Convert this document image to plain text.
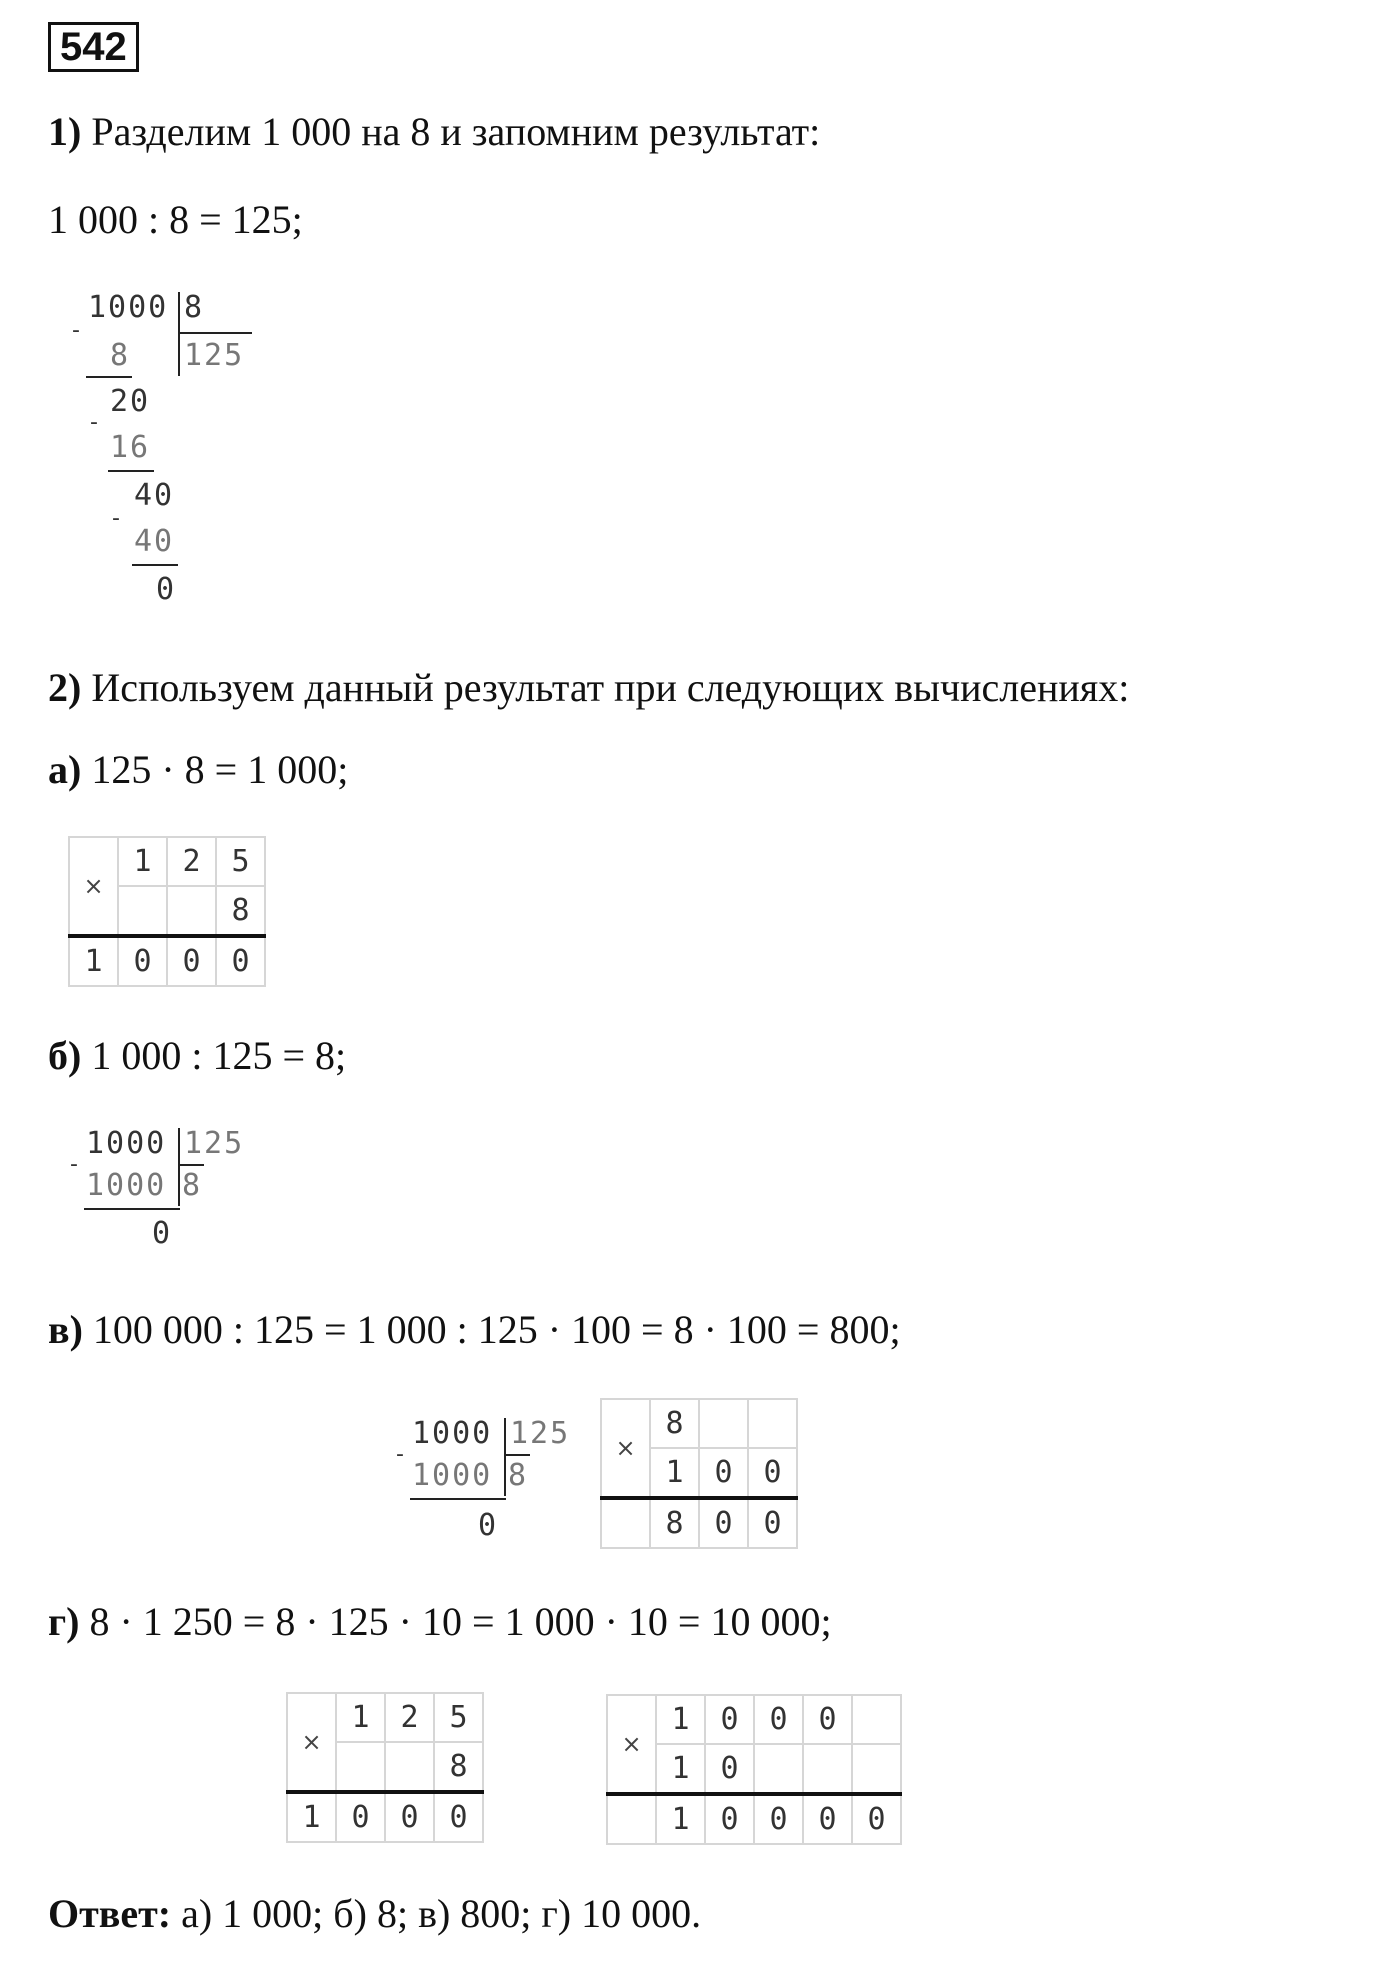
542
1) Разделим 1 000 на 8 и запомним результат:
1 000 : 8 = 125;
1000 8
125
-
8
20
-
16
40
-
40
0
2) Используем данный результат при следующих вычислениях:
а) 125 · 8 = 1 000;
×	1	2	5
			8
1	0	0	0
б) 1 000 : 125 = 8;
1000 125
-
1000 8
0
в) 100 000 : 125 = 1 000 : 125 · 100 = 8 · 100 = 800;
1000 125
-
1000 8
0
×	8		
	1	0	0
	8	0	0
г) 8 · 1 250 = 8 · 125 · 10 = 1 000 · 10 = 10 000;
×	1	2	5
			8
1	0	0	0
×	1	0	0	0	
	1	0			
	1	0	0	0	0
Ответ: а) 1 000; б) 8; в) 800; г) 10 000.
